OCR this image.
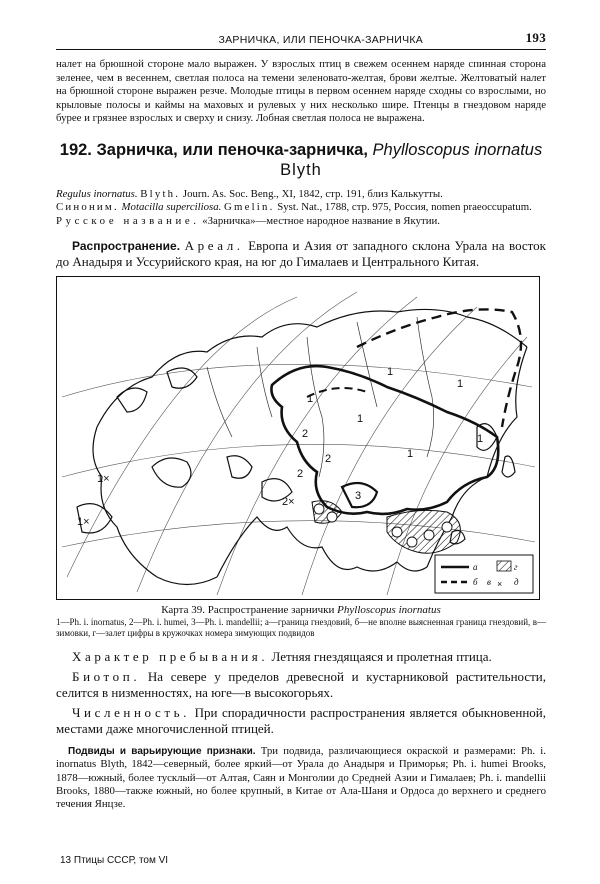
ЗАРНИЧКА, ИЛИ ПЕНОЧКА-ЗАРНИЧКА	193

налет на брюшной стороне мало выражен. У взрослых птиц в свежем осеннем наряде спинная сторона зеленее, чем в весеннем, светлая полоса на темени зеленовато-желтая, брови желтые. Желтоватый налет на брюшной стороне выражен резче. Молодые птицы в первом осеннем наряде сходны со взрослыми, но крыловые полосы и каймы на маховых и рулевых у них несколько шире. Птенцы в гнездовом наряде буреe и грязнее взрослых и сверху и снизу. Лобная светлая полоса не выражена.

192. Зарничка, или пеночка-зарничка, Phylloscopus inornatus Blyth

Regulus inornatus. Blyth. Journ. As. Soc. Beng., XI, 1842, стр. 191, близ Калькутты.

Синоним. Motacilla superciliosa. Gmelin. Syst. Nat., 1788, стр. 975, Россия, nomen praeoccupatum.

Русское название. «Зарничка»—местное народное название в Якутии.

Распространение. Ареал. Европа и Азия от западного склона Урала на восток до Анадыря и Уссурийского края, на юг до Гималаев и Центрального Китая.

1
1
1
1
1
1
2
2
2
3
1×
2×
1×
×
а
б в
г
д
Карта 39. Распространение зарнички Phylloscopus inornatus

1—Ph. i. inornatus, 2—Ph. i. humei, 3—Ph. i. mandellii; а—граница гнездовий, б—не вполне выясненная граница гнездовий, в—зимовки, г—залет цифры в кружочках номера зимующих подвидов

Характер пребывания. Летняя гнездящаяся и пролетная птица.

Биотоп. На севере у пределов древесной и кустарниковой растительности, селится в низменностях, на юге—в высокогорьях.

Численность. При спорадичности распространения является обыкновенной, местами даже многочисленной птицей.

Подвиды и варьирующие признаки. Три подвида, различающиеся окраской и размерами: Ph. i. inornatus Blyth, 1842—северный, более яркий—от Урала до Анадыря и Приморья; Ph. i. humei Brooks, 1878—южный, более тусклый—от Алтая, Саян и Монголии до Средней Азии и Гималаев; Ph. i. mandellii Brooks, 1880—также южный, но более крупный, в Китае от Ала-Шаня и Ордоса до верхнего и среднего течения Янцзе.

13 Птицы СССР, том VI
